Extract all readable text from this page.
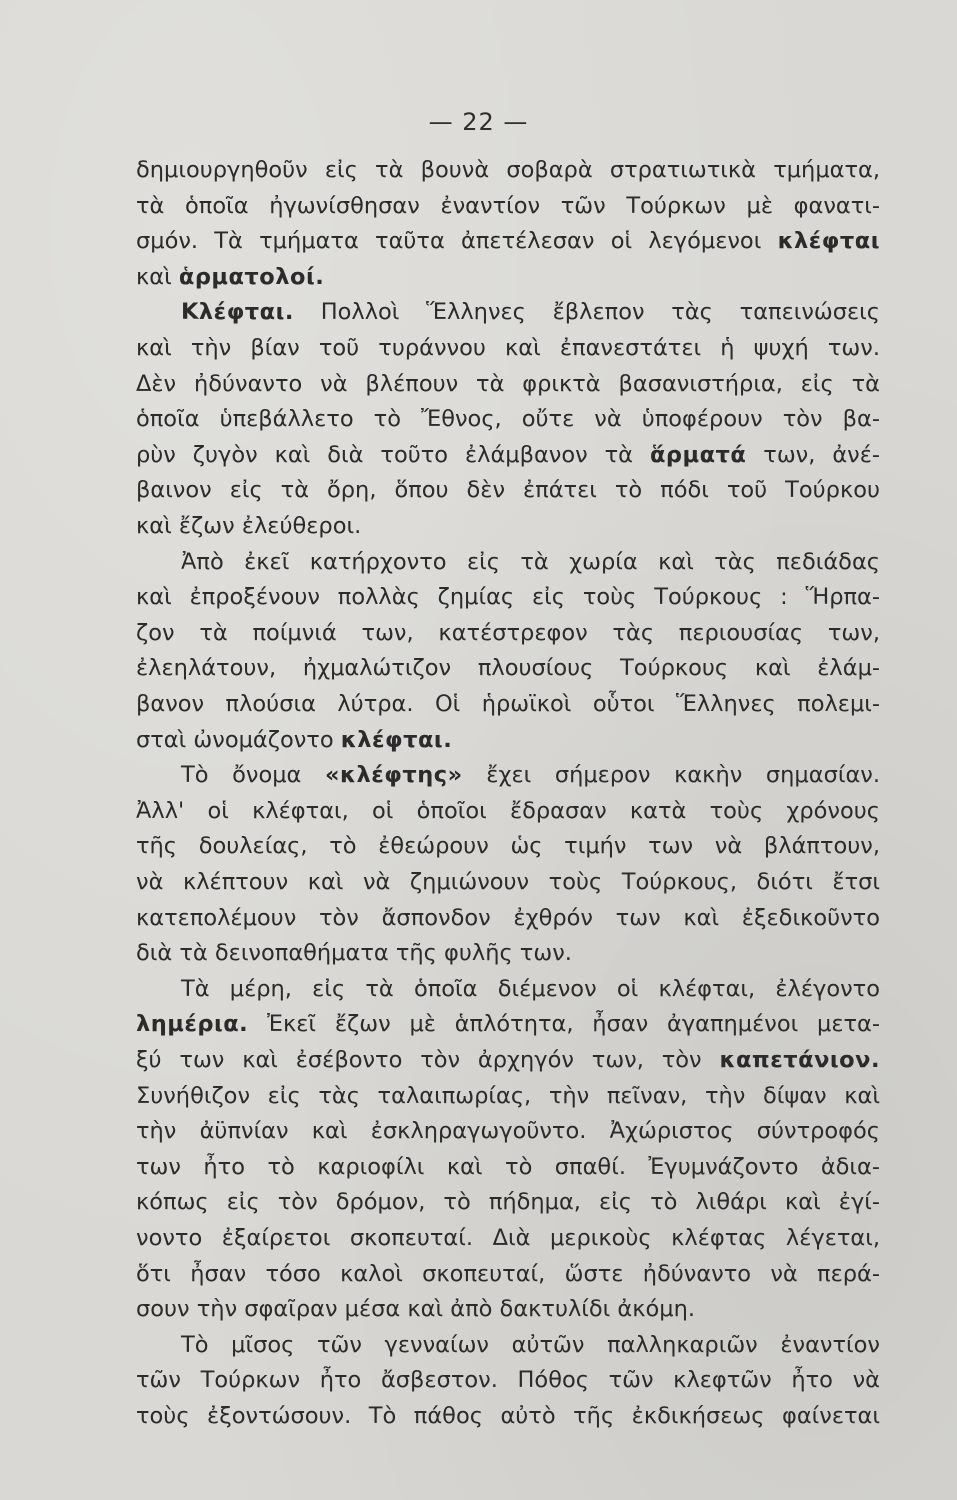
— 22 —
δημιουργηθοῦν εἰς τὰ βουνὰ σοβαρὰ στρατιωτικὰ τμήματα,
τὰ ὁποῖα ἠγωνίσθησαν ἐναντίον τῶν Τούρκων μὲ φανατι-
σμόν. Τὰ τμήματα ταῦτα ἀπετέλεσαν οἱ λεγόμενοι κλέφται
καὶ ἁρματολοί.
  Κλέφται. Πολλοὶ Ἕλληνες ἔβλεπον τὰς ταπεινώσεις
καὶ τὴν βίαν τοῦ τυράννου καὶ ἐπανεστάτει ἡ ψυχή των.
Δὲν ἠδύναντο νὰ βλέπουν τὰ φρικτὰ βασανιστήρια, εἰς τὰ
ὁποῖα ὑπεβάλλετο τὸ Ἔθνος, οὔτε νὰ ὑποφέρουν τὸν βα-
ρὺν ζυγὸν καὶ διὰ τοῦτο ἐλάμβανον τὰ ἅρματά των, ἀνέ-
βαινον εἰς τὰ ὄρη, ὅπου δὲν ἐπάτει τὸ πόδι τοῦ Τούρκου
καὶ ἔζων ἐλεύθεροι.
  Ἀπὸ ἐκεῖ κατήρχοντο εἰς τὰ χωρία καὶ τὰς πεδιάδας
καὶ ἐπροξένουν πολλὰς ζημίας εἰς τοὺς Τούρκους : Ἥρπα-
ζον τὰ ποίμνιά των, κατέστρεφον τὰς περιουσίας των,
ἐλεηλάτουν, ἠχμαλώτιζον πλουσίους Τούρκους καὶ ἐλάμ-
βανον πλούσια λύτρα. Οἱ ἡρωϊκοὶ οὗτοι Ἕλληνες πολεμι-
σταὶ ὠνομάζοντο κλέφται.
  Τὸ ὄνομα «κλέφτης» ἔχει σήμερον κακὴν σημασίαν.
Ἀλλ' οἱ κλέφται, οἱ ὁποῖοι ἔδρασαν κατὰ τοὺς χρόνους
τῆς δουλείας, τὸ ἐθεώρουν ὡς τιμήν των νὰ βλάπτουν,
νὰ κλέπτουν καὶ νὰ ζημιώνουν τοὺς Τούρκους, διότι ἔτσι
κατεπολέμουν τὸν ἄσπονδον ἐχθρόν των καὶ ἐξεδικοῦντο
διὰ τὰ δεινοπαθήματα τῆς φυλῆς των.
  Τὰ μέρη, εἰς τὰ ὁποῖα διέμενον οἱ κλέφται, ἐλέγοντο
λημέρια. Ἐκεῖ ἔζων μὲ ἁπλότητα, ἦσαν ἀγαπημένοι μετα-
ξύ των καὶ ἐσέβοντο τὸν ἀρχηγόν των, τὸν καπετάνιον.
Συνήθιζον εἰς τὰς ταλαιπωρίας, τὴν πεῖναν, τὴν δίψαν καὶ
τὴν ἀϋπνίαν καὶ ἐσκληραγωγοῦντο. Ἀχώριστος σύντροφός
των ἦτο τὸ καριοφίλι καὶ τὸ σπαθί. Ἐγυμνάζοντο ἀδια-
κόπως εἰς τὸν δρόμον, τὸ πήδημα, εἰς τὸ λιθάρι καὶ ἐγί-
νοντο ἐξαίρετοι σκοπευταί. Διὰ μερικοὺς κλέφτας λέγεται,
ὅτι ἦσαν τόσο καλοὶ σκοπευταί, ὥστε ἠδύναντο νὰ περά-
σουν τὴν σφαῖραν μέσα καὶ ἀπὸ δακτυλίδι ἀκόμη.
  Τὸ μῖσος τῶν γενναίων αὐτῶν παλληκαριῶν ἐναντίον
τῶν Τούρκων ἦτο ἄσβεστον. Πόθος τῶν κλεφτῶν ἦτο νὰ
τοὺς ἐξοντώσουν. Τὸ πάθος αὐτὸ τῆς ἐκδικήσεως φαίνεται
